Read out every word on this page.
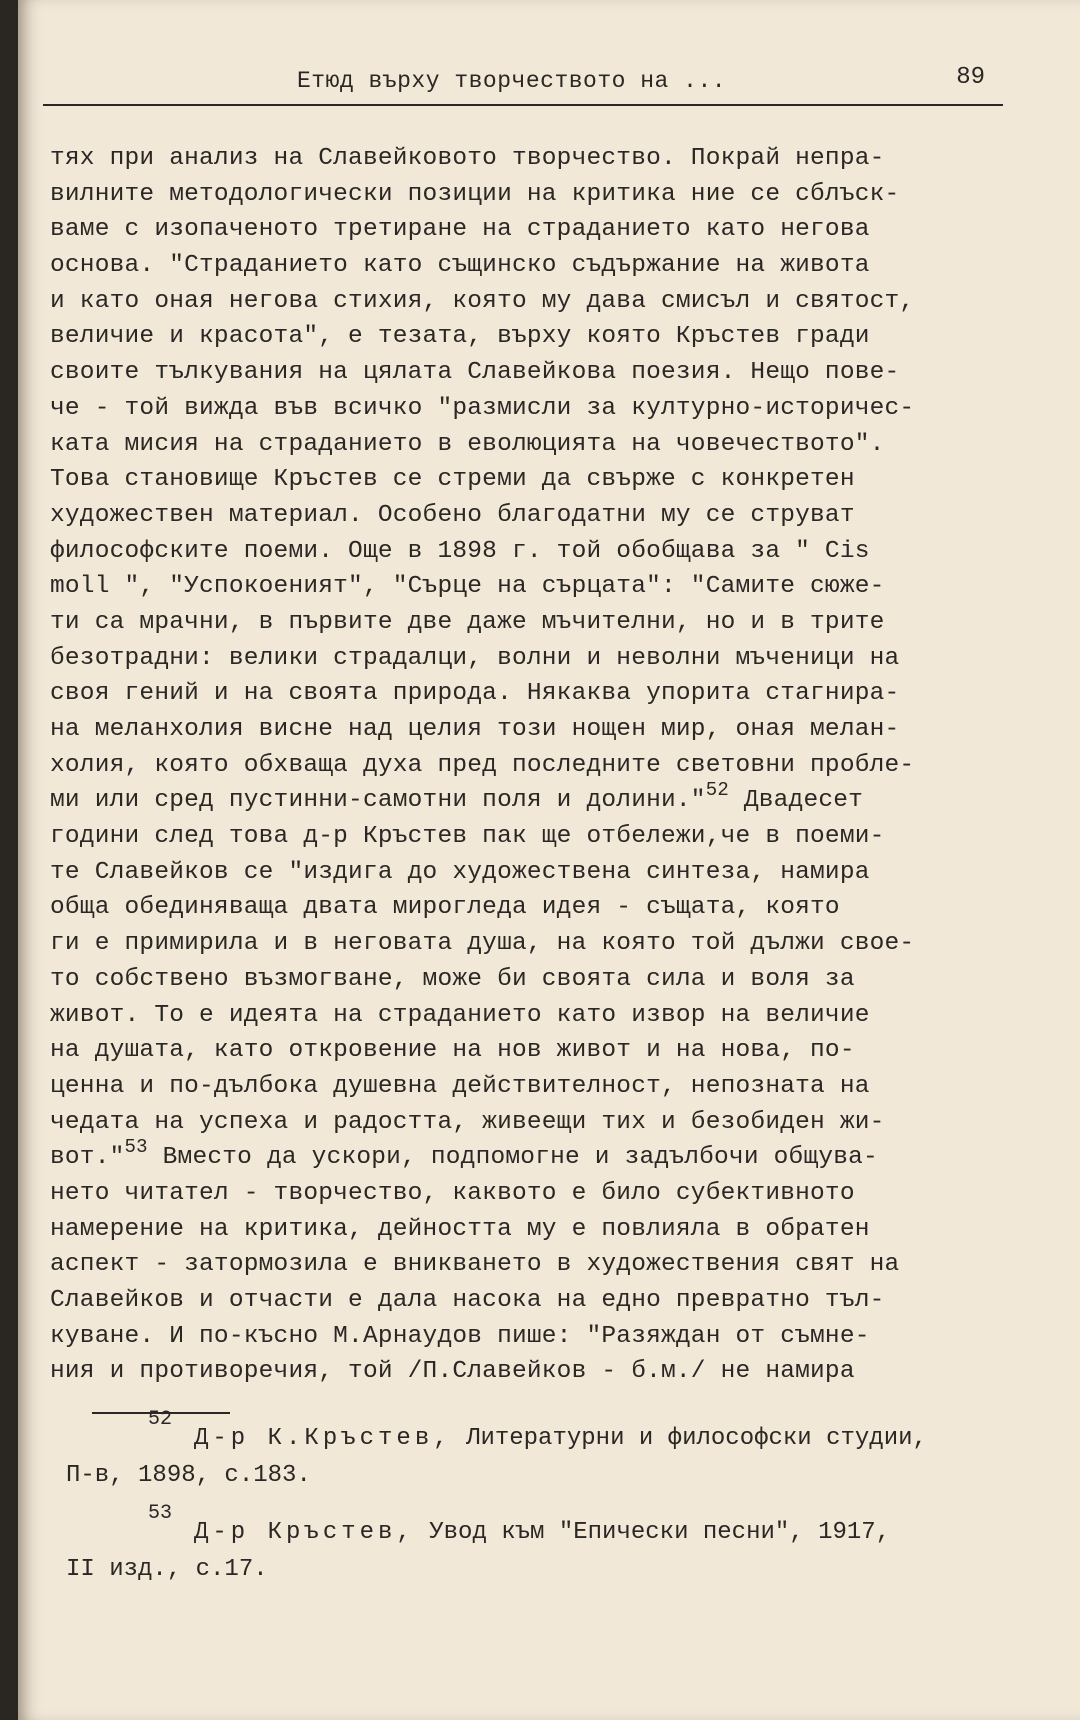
Етюд върху творчеството на ...	89
тях при анализ на Славейковото творчество. Покрай непра-
вилните методологически позиции на критика ние се сблъск-
ваме с изопаченото третиране на страданието като негова
основа. "Страданието като същинско съдържание на живота
и като оная негова стихия, която му дава смисъл и святост,
величие и красота", е тезата, върху която Кръстев гради
своите тълкувания на цялата Славейкова поезия. Нещо пове-
че - той вижда във всичко "размисли за културно-историчес-
ката мисия на страданието в еволюцията на човечеството".
Това становище Кръстев се стреми да свърже с конкретен
художествен материал. Особено благодатни му се струват
философските поеми. Още в 1898 г. той обобщава за " Cis
moll ", "Успокоеният", "Сърце на сърцата": "Самите сюже-
ти са мрачни, в първите две даже мъчителни, но и в трите
безотрадни: велики страдалци, волни и неволни мъченици на
своя гений и на своята природа. Някаква упорита стагнира-
на меланхолия висне над целия този нощен мир, оная мелан-
холия, която обхваща духа пред последните световни пробле-
ми или сред пустинни-самотни поля и долини."$^{52}$ Двадесет
години след това д-р Кръстев пак ще отбележи,че в поеми-
те Славейков се "издига до художествена синтеза, намира
обща обединяваща двата мирогледа идея - същата, която
ги е примирила и в неговата душа, на която той дължи свое-
то собствено възмогване, може би своята сила и воля за
живот. То е идеята на страданието като извор на величие
на душата, като откровение на нов живот и на нова, по-
ценна и по-дълбока душевна действителност, непозната на
чедата на успеха и радостта, живеещи тих и безобиден жи-
вот."$^{53}$ Вместо да ускори, подпомогне и задълбочи общува-
нето читател - творчество, каквото е било субективното
намерение на критика, дейността му е повлияла в обратен
аспект - затормозила е вникването в художествения свят на
Славейков и отчасти е дала насока на едно превратно тъл-
куване. И по-късно М.Арнаудов пише: "Разяждан от съмне-
ния и противоречия, той /П.Славейков - б.м./ не намира
52
Д-р К.Кръстев, Литературни и философски студии,
П-в, 1898, с.183.
53
Д-р Кръстев, Увод към "Епически песни", 1917,
II изд., с.17.
